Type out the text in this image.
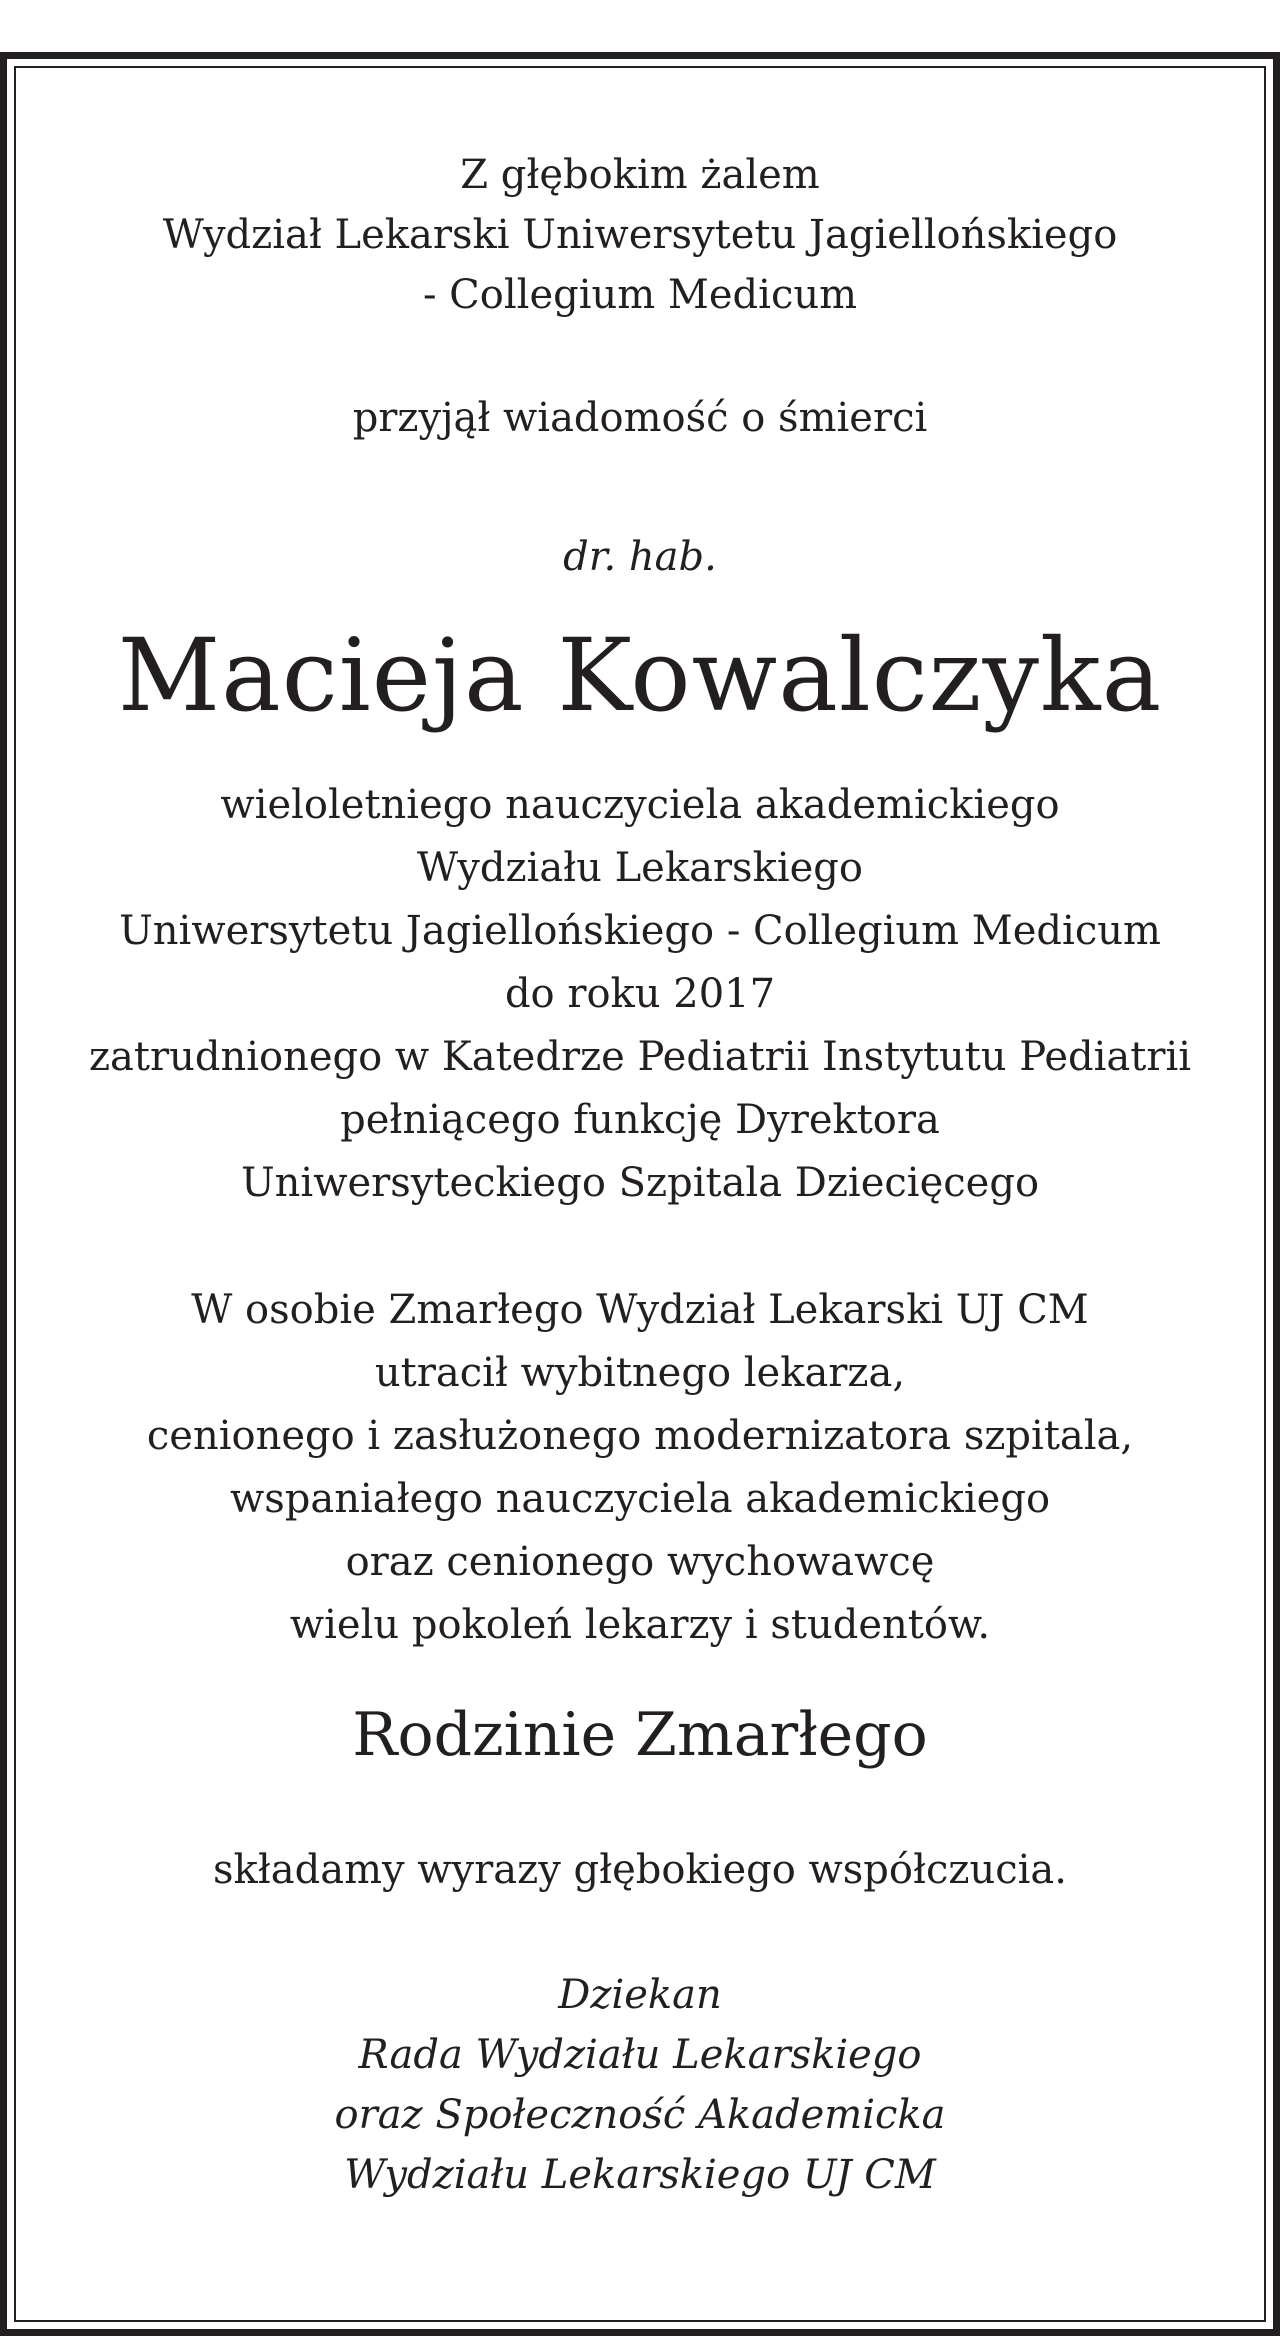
Z głębokim żalem
Wydział Lekarski Uniwersytetu Jagiellońskiego
- Collegium Medicum
przyjął wiadomość o śmierci
dr. hab.
Macieja Kowalczyka
wieloletniego nauczyciela akademickiego
Wydziału Lekarskiego
Uniwersytetu Jagiellońskiego - Collegium Medicum
do roku 2017
zatrudnionego w Katedrze Pediatrii Instytutu Pediatrii
pełniącego funkcję Dyrektora
Uniwersyteckiego Szpitala Dziecięcego
W osobie Zmarłego Wydział Lekarski UJ CM
utracił wybitnego lekarza,
cenionego i zasłużonego modernizatora szpitala,
wspaniałego nauczyciela akademickiego
oraz cenionego wychowawcę
wielu pokoleń lekarzy i studentów.
Rodzinie Zmarłego
składamy wyrazy głębokiego współczucia.
Dziekan
Rada Wydziału Lekarskiego
oraz Społeczność Akademicka
Wydziału Lekarskiego UJ CM
